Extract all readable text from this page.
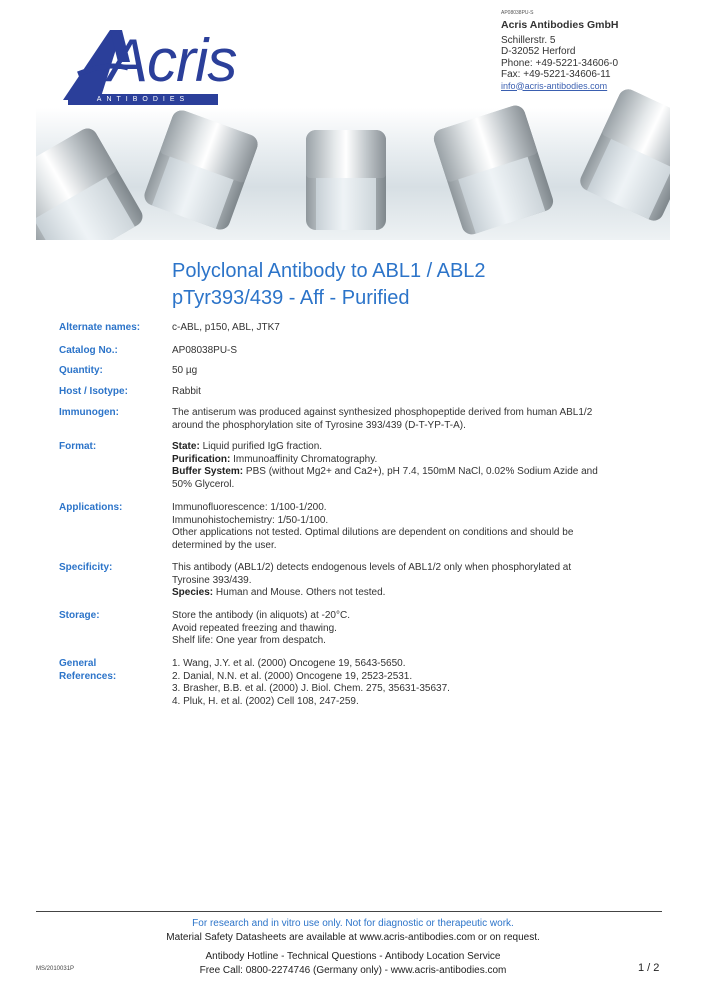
Acris
ANTIBODIES
AP08038PU-S
Acris Antibodies GmbH
Schillerstr. 5
D-32052 Herford
Phone: +49-5221-34606-0
Fax: +49-5221-34606-11
info@acris-antibodies.com
Polyclonal Antibody to ABL1 / ABL2
pTyr393/439 - Aff - Purified
Alternate names:	c-ABL, p150, ABL, JTK7
Catalog No.:	AP08038PU-S
Quantity:	50 µg
Host / Isotype:	Rabbit
Immunogen:	The antiserum was produced against synthesized phosphopeptide derived from human ABL1/2
around the phosphorylation site of Tyrosine 393/439 (D-T-YP-T-A).
Format:	State: Liquid purified IgG fraction.
Purification: Immunoaffinity Chromatography.
Buffer System: PBS (without Mg2+ and Ca2+), pH 7.4, 150mM NaCl, 0.02% Sodium Azide and
50% Glycerol.
Applications:	Immunofluorescence: 1/100-1/200.
Immunohistochemistry: 1/50-1/100.
Other applications not tested. Optimal dilutions are dependent on conditions and should be
determined by the user.
Specificity:	This antibody (ABL1/2) detects endogenous levels of ABL1/2 only when phosphorylated at
Tyrosine 393/439.
Species: Human and Mouse. Others not tested.
Storage:	Store the antibody (in aliquots) at -20°C.
Avoid repeated freezing and thawing.
Shelf life: One year from despatch.
General
References:
1. Wang, J.Y. et al. (2000) Oncogene 19, 5643-5650.
2. Danial, N.N. et al. (2000) Oncogene 19, 2523-2531.
3. Brasher, B.B. et al. (2000) J. Biol. Chem. 275, 35631-35637.
4. Pluk, H. et al. (2002) Cell 108, 247-259.
For research and in vitro use only. Not for diagnostic or therapeutic work.
Material Safety Datasheets are available at www.acris-antibodies.com or on request.
Antibody Hotline - Technical Questions - Antibody Location Service
Free Call: 0800-2274746 (Germany only) - www.acris-antibodies.com
MS/2010031P	1 / 2
